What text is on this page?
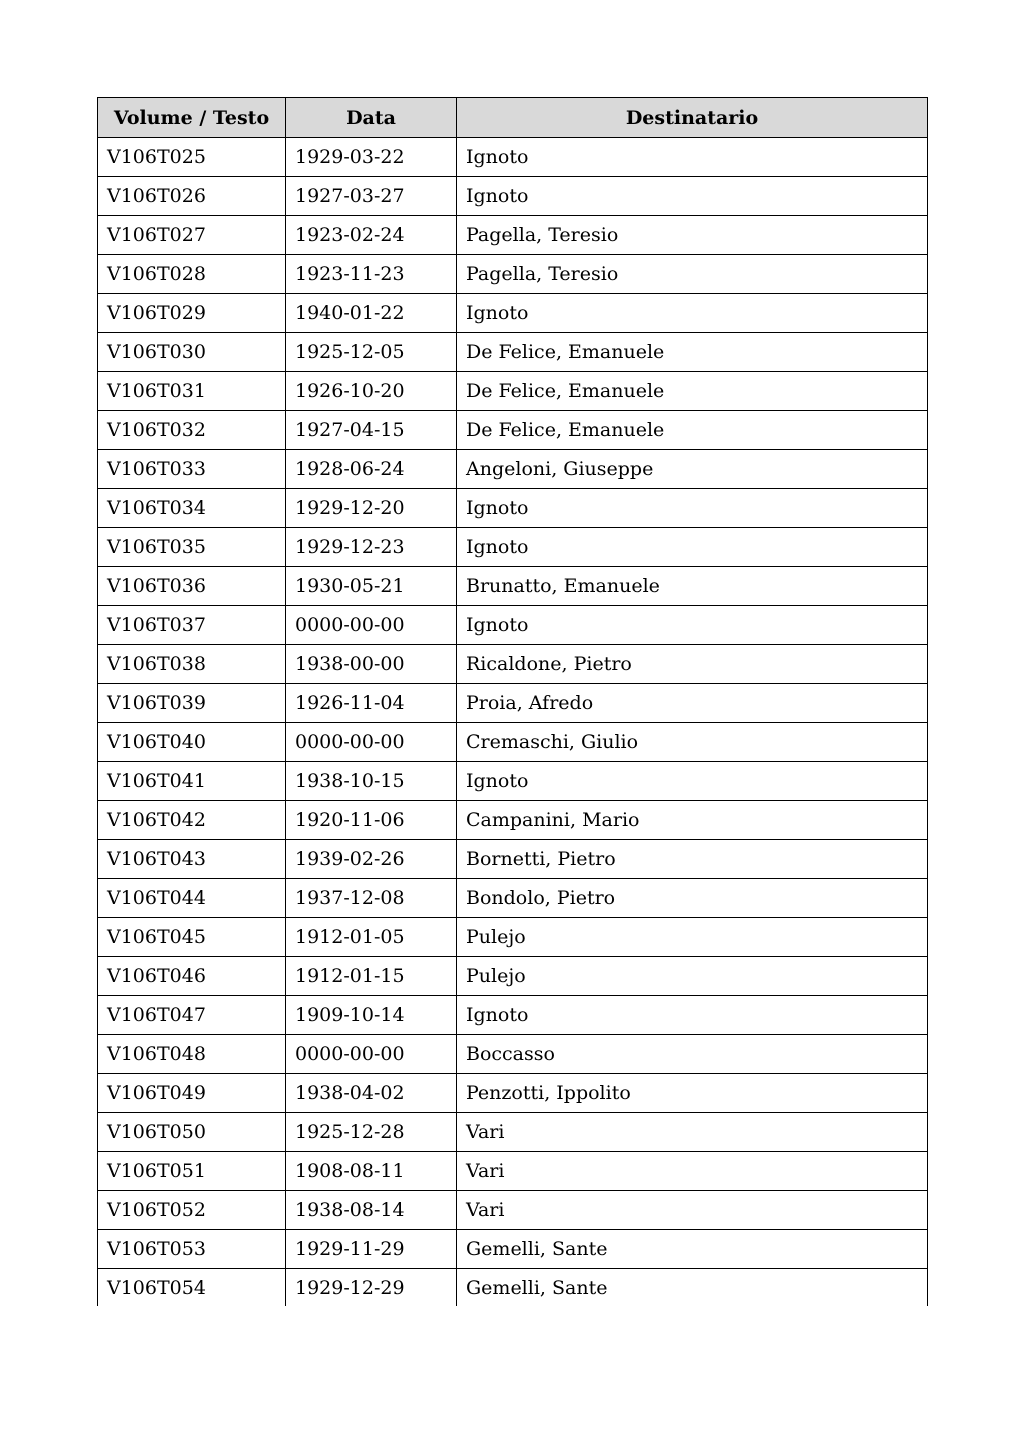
Volume / Testo	Data	Destinatario
V106T025	1929-03-22	Ignoto
V106T026	1927-03-27	Ignoto
V106T027	1923-02-24	Pagella, Teresio
V106T028	1923-11-23	Pagella, Teresio
V106T029	1940-01-22	Ignoto
V106T030	1925-12-05	De Felice, Emanuele
V106T031	1926-10-20	De Felice, Emanuele
V106T032	1927-04-15	De Felice, Emanuele
V106T033	1928-06-24	Angeloni, Giuseppe
V106T034	1929-12-20	Ignoto
V106T035	1929-12-23	Ignoto
V106T036	1930-05-21	Brunatto, Emanuele
V106T037	0000-00-00	Ignoto
V106T038	1938-00-00	Ricaldone, Pietro
V106T039	1926-11-04	Proia, Afredo
V106T040	0000-00-00	Cremaschi, Giulio
V106T041	1938-10-15	Ignoto
V106T042	1920-11-06	Campanini, Mario
V106T043	1939-02-26	Bornetti, Pietro
V106T044	1937-12-08	Bondolo, Pietro
V106T045	1912-01-05	Pulejo
V106T046	1912-01-15	Pulejo
V106T047	1909-10-14	Ignoto
V106T048	0000-00-00	Boccasso
V106T049	1938-04-02	Penzotti, Ippolito
V106T050	1925-12-28	Vari
V106T051	1908-08-11	Vari
V106T052	1938-08-14	Vari
V106T053	1929-11-29	Gemelli, Sante
V106T054	1929-12-29	Gemelli, Sante
